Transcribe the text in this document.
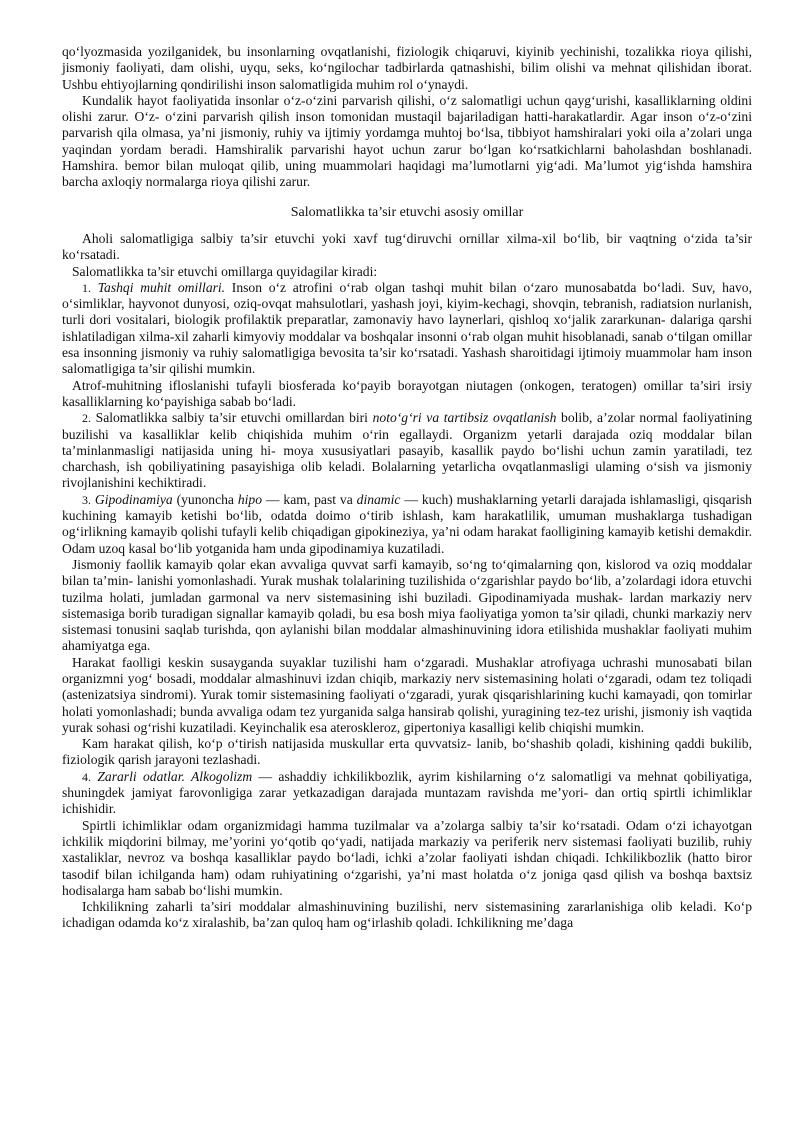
qo‘lyozmasida yozilganidek, bu insonlarning ovqatlanishi, fiziologik chiqaruvi, kiyinib yechinishi, tozalikka rioya qilishi, jismoniy faoliyati, dam olishi, uyqu, seks, ko‘ngilochar tadbirlarda qatnashishi, bilim olishi va mehnat qilishidan iborat. Ushbu ehtiyojlarning qondirilishi inson salomatligida muhim rol o‘ynaydi.

Kundalik hayot faoliyatida insonlar o‘z-o‘zini parvarish qilishi, o‘z salomatligi uchun qayg‘urishi, kasalliklarning oldini olishi zarur. O‘z- o‘zini parvarish qilish inson tomonidan mustaqil bajariladigan hatti-harakatlardir. Agar inson o‘z-o‘zini parvarish qila olmasa, ya’ni jismoniy, ruhiy va ijtimiy yordamga muhtoj bo‘lsa, tibbiyot hamshiralari yoki oila a’zolari unga yaqindan yordam beradi. Hamshiralik parvarishi hayot uchun zarur bo‘lgan ko‘rsatkichlarni baholashdan boshlanadi. Hamshira. bemor bilan muloqat qilib, uning muammolari haqidagi ma’lumotlarni yig‘adi. Ma’lumot yig‘ishda hamshira barcha axloqiy normalarga rioya qilishi zarur.

Salomatlikka ta’sir etuvchi asosiy omillar

Aholi salomatligiga salbiy ta’sir etuvchi yoki xavf tug‘diruvchi ornillar xilma-xil bo‘lib, bir vaqtning o‘zida ta’sir ko‘rsatadi.

Salomatlikka ta’sir etuvchi omillarga quyidagilar kiradi:

1. Tashqi muhit omillari. Inson o‘z atrofini o‘rab olgan tashqi muhit bilan o‘zaro munosabatda bo‘ladi. Suv, havo, o‘simliklar, hayvonot dunyosi, oziq-ovqat mahsulotlari, yashash joyi, kiyim-kechagi, shovqin, tebranish, radiatsion nurlanish, turli dori vositalari, biologik profilaktik preparatlar, zamonaviy havo laynerlari, qishloq xo‘jalik zararkunan- dalariga qarshi ishlatiladigan xilma-xil zaharli kimyoviy moddalar va boshqalar insonni o‘rab olgan muhit hisoblanadi, sanab o‘tilgan omillar esa insonning jismoniy va ruhiy salomatligiga bevosita ta’sir ko‘rsatadi. Yashash sharoitidagi ijtimoiy muammolar ham inson salomatligiga ta’sir qilishi mumkin.

Atrof-muhitning ifloslanishi tufayli biosferada ko‘payib borayotgan niutagen (onkogen, teratogen) omillar ta’siri irsiy kasalliklarning ko‘payishiga sabab bo‘ladi.

2. Salomatlikka salbiy ta’sir etuvchi omillardan biri noto‘g‘ri va tartibsiz ovqatlanish bolib, a’zolar normal faoliyatining buzilishi va kasalliklar kelib chiqishida muhim o‘rin egallaydi. Organizm yetarli darajada oziq moddalar bilan ta’minlanmasligi natijasida uning hi- moya xususiyatlari pasayib, kasallik paydo bo‘lishi uchun zamin yaratiladi, tez charchash, ish qobiliyatining pasayishiga olib keladi. Bolalarning yetarlicha ovqatlanmasligi ulaming o‘sish va jismoniy rivojlanishini kechiktiradi.

3. Gipodinamiya (yunoncha hipo — kam, past va dinamic — kuch) mushaklarning yetarli darajada ishlamasligi, qisqarish kuchining kamayib ketishi bo‘lib, odatda doimo o‘tirib ishlash, kam harakatlilik, umuman mushaklarga tushadigan og‘irlikning kamayib qolishi tufayli kelib chiqadigan gipokineziya, ya’ni odam harakat faolligining kamayib ketishi demakdir. Odam uzoq kasal bo‘lib yotganida ham unda gipodinamiya kuzatiladi.

Jismoniy faollik kamayib qolar ekan avvaliga quvvat sarfi kamayib, so‘ng to‘qimalarning qon, kislorod va oziq moddalar bilan ta’min- lanishi yomonlashadi. Yurak mushak tolalarining tuzilishida o‘zgarishlar paydo bo‘lib, a’zolardagi idora etuvchi tuzilma holati, jumladan garmonal va nerv sistemasining ishi buziladi. Gipodinamiyada mushak- lardan markaziy nerv sistemasiga borib turadigan signallar kamayib qoladi, bu esa bosh miya faoliyatiga yomon ta’sir qiladi, chunki markaziy nerv sistemasi tonusini saqlab turishda, qon aylanishi bilan moddalar almashinuvining idora etilishida mushaklar faoliyati muhim ahamiyatga ega.

Harakat faolligi keskin susayganda suyaklar tuzilishi ham o‘zgaradi. Mushaklar atrofiyaga uchrashi munosabati bilan organizmni yog‘ bosadi, moddalar almashinuvi izdan chiqib, markaziy nerv sistemasining holati o‘zgaradi, odam tez toliqadi (astenizatsiya sindromi). Yurak tomir sistemasining faoliyati o‘zgaradi, yurak qisqarishlarining kuchi kamayadi, qon tomirlar holati yomonlashadi; bunda avvaliga odam tez yurganida salga hansirab qolishi, yuragining tez-tez urishi, jismoniy ish vaqtida yurak sohasi og‘rishi kuzatiladi. Keyinchalik esa ateroskleroz, gipertoniya kasalligi kelib chiqishi mumkin.

Kam harakat qilish, ko‘p o‘tirish natijasida muskullar erta quvvatsiz- lanib, bo‘shashib qoladi, kishining qaddi bukilib, fiziologik qarish jarayoni tezlashadi.

4. Zararli odatlar. Alkogolizm — ashaddiy ichkilikbozlik, ayrim kishilarning o‘z salomatligi va mehnat qobiliyatiga, shuningdek jamiyat farovonligiga zarar yetkazadigan darajada muntazam ravishda me’yori- dan ortiq spirtli ichimliklar ichishidir.

Spirtli ichimliklar odam organizmidagi hamma tuzilmalar va a’zolarga salbiy ta’sir ko‘rsatadi. Odam o‘zi ichayotgan ichkilik miqdorini bilmay, me’yorini yo‘qotib qo‘yadi, natijada markaziy va periferik nerv sistemasi faoliyati buzilib, ruhiy xastaliklar, nevroz va boshqa kasalliklar paydo bo‘ladi, ichki a’zolar faoliyati ishdan chiqadi. Ichkilikbozlik (hatto biror tasodif bilan ichilganda ham) odam ruhiyatining o‘zgarishi, ya’ni mast holatda o‘z joniga qasd qilish va boshqa baxtsiz hodisalarga ham sabab bo‘lishi mumkin.

Ichkilikning zaharli ta’siri moddalar almashinuvining buzilishi, nerv sistemasining zararlanishiga olib keladi. Ko‘p ichadigan odamda ko‘z xiralashib, ba’zan quloq ham og‘irlashib qoladi. Ichkilikning me’daga
